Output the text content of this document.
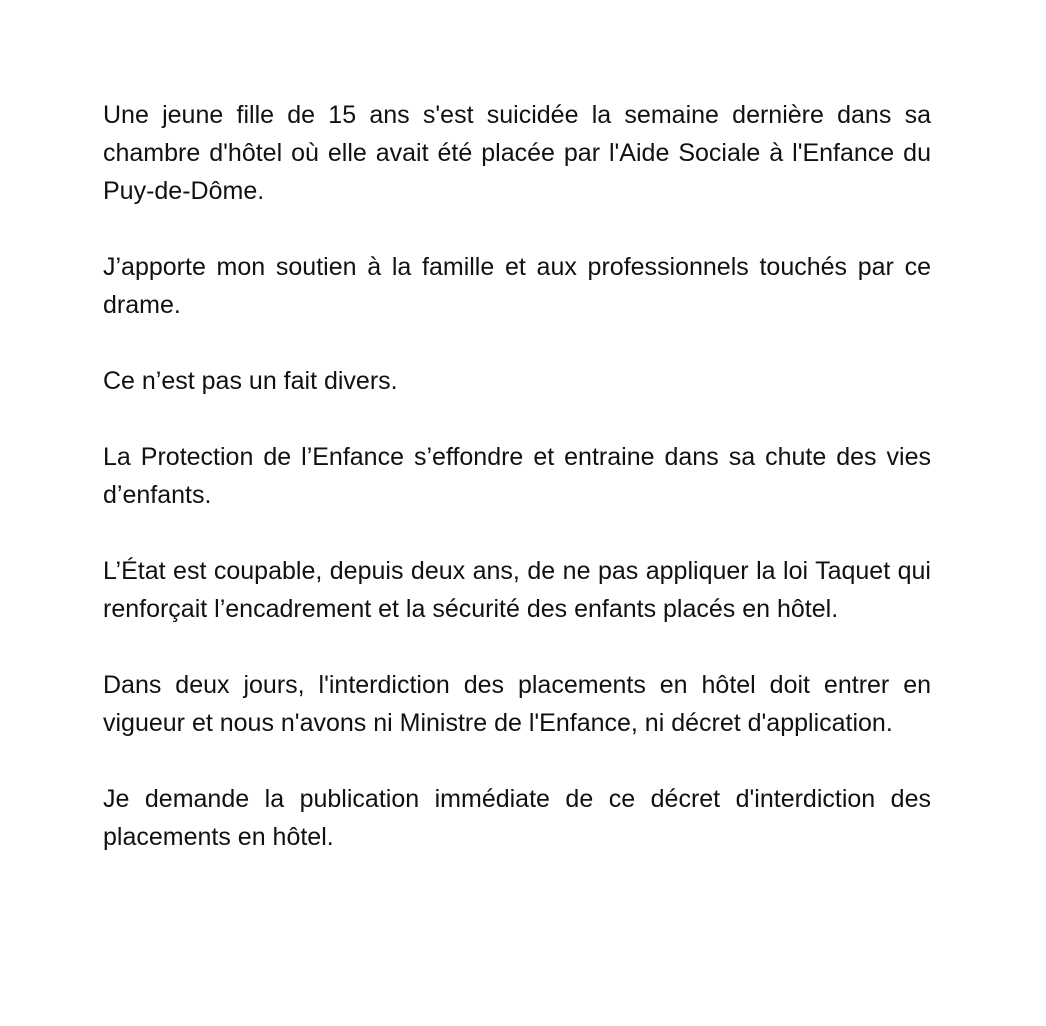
Une jeune fille de 15 ans s'est suicidée la semaine dernière dans sa chambre d'hôtel où elle avait été placée par l'Aide Sociale à l'Enfance du Puy-de-Dôme.

J’apporte mon soutien à la famille et aux professionnels touchés par ce drame.

Ce n’est pas un fait divers.

La Protection de l’Enfance s’effondre et entraine dans sa chute des vies d’enfants.

L’État est coupable, depuis deux ans, de ne pas appliquer la loi Taquet qui renforçait l’encadrement et la sécurité des enfants placés en hôtel.

Dans deux jours, l'interdiction des placements en hôtel doit entrer en vigueur et nous n'avons ni Ministre de l'Enfance, ni décret d'application.

Je demande la publication immédiate de ce décret d'interdiction des placements en hôtel.
